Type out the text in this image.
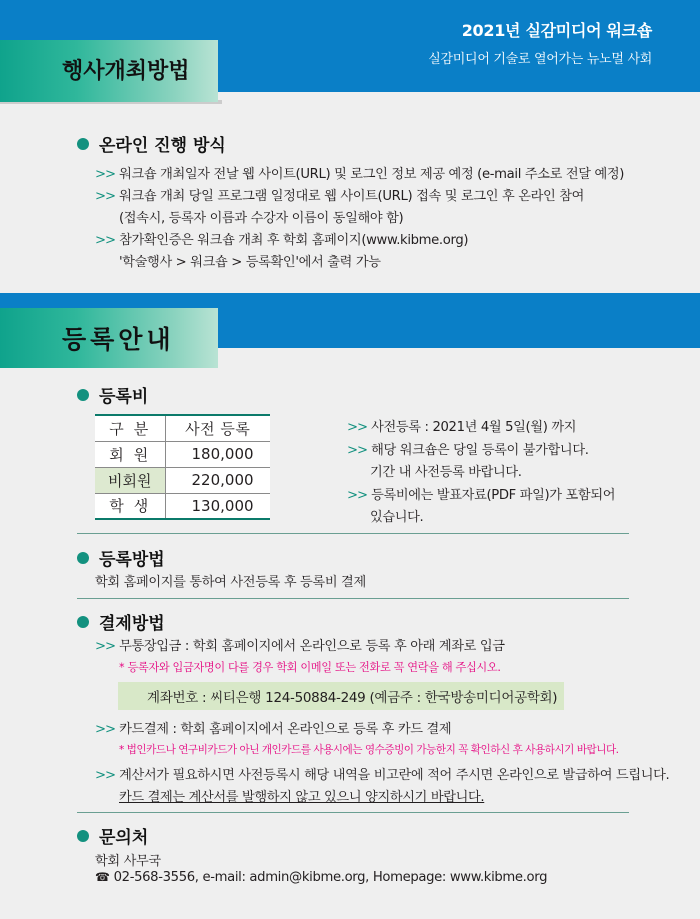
2021년 실감미디어 워크숍
실감미디어 기술로 열어가는 뉴노멀 사회
행사개최방법
온라인 진행 방식
>> 워크숍 개최일자 전날 웹 사이트(URL) 및 로그인 정보 제공 예정 (e-mail 주소로 전달 예정)
>> 워크숍 개최 당일 프로그램 일정대로 웹 사이트(URL) 접속 및 로그인 후 온라인 참여
(접속시, 등록자 이름과 수강자 이름이 동일해야 함)
>> 참가확인증은 워크숍 개최 후 학회 홈페이지(www.kibme.org)
'학술행사 > 워크숍 > 등록확인'에서 출력 가능
등록안내
등록비
구분	사전 등록
회원	180,000
비회원	220,000
학생	130,000
>> 사전등록 : 2021년 4월 5일(월) 까지
>> 해당 워크숍은 당일 등록이 불가합니다.
기간 내 사전등록 바랍니다.
>> 등록비에는 발표자료(PDF 파일)가 포함되어
있습니다.
등록방법
학회 홈페이지를 통하여 사전등록 후 등록비 결제
결제방법
>> 무통장입금 : 학회 홈페이지에서 온라인으로 등록 후 아래 계좌로 입금
* 등록자와 입금자명이 다를 경우 학회 이메일 또는 전화로 꼭 연락을 해 주십시오.
계좌번호 : 씨티은행 124-50884-249 (예금주 : 한국방송미디어공학회)
>> 카드결제 : 학회 홈페이지에서 온라인으로 등록 후 카드 결제
* 법인카드나 연구비카드가 아닌 개인카드를 사용시에는 영수증빙이 가능한지 꼭 확인하신 후 사용하시기 바랍니다.
>> 계산서가 필요하시면 사전등록시 해당 내역을 비고란에 적어 주시면 온라인으로 발급하여 드립니다.
카드 결제는 계산서를 발행하지 않고 있으니 양지하시기 바랍니다.
문의처
학회 사무국
☎ 02-568-3556, e-mail: admin@kibme.org, Homepage: www.kibme.org
